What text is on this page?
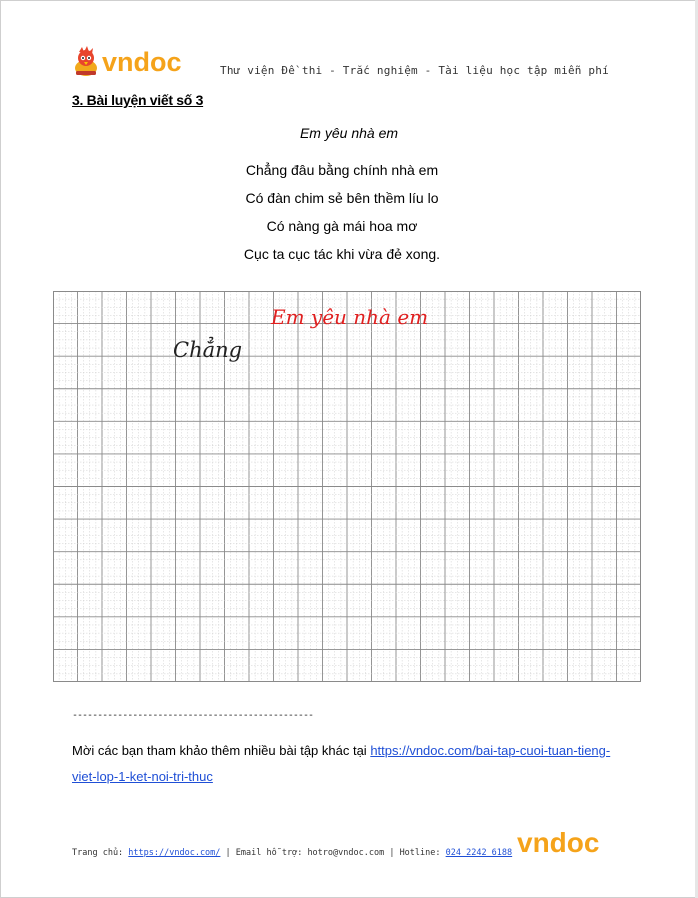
vndoc	Thư viện Đề thi - Trắc nghiệm - Tài liệu học tập miễn phí
3. Bài luyện viết số 3
Em yêu nhà em
Chẳng đâu bằng chính nhà em
Có đàn chim sẻ bên thềm líu lo
Có nàng gà mái hoa mơ
Cục ta cục tác khi vừa đẻ xong.
Em yêu nhà em
Chẳng
------------------------------------------------
Mời các bạn tham khảo thêm nhiều bài tập khác tại https://vndoc.com/bai-tap-cuoi-tuan-tieng-viet-lop-1-ket-noi-tri-thuc
Trang chủ: https://vndoc.com/ | Email hỗ trợ: hotro@vndoc.com | Hotline: 024 2242 6188 vndoc
